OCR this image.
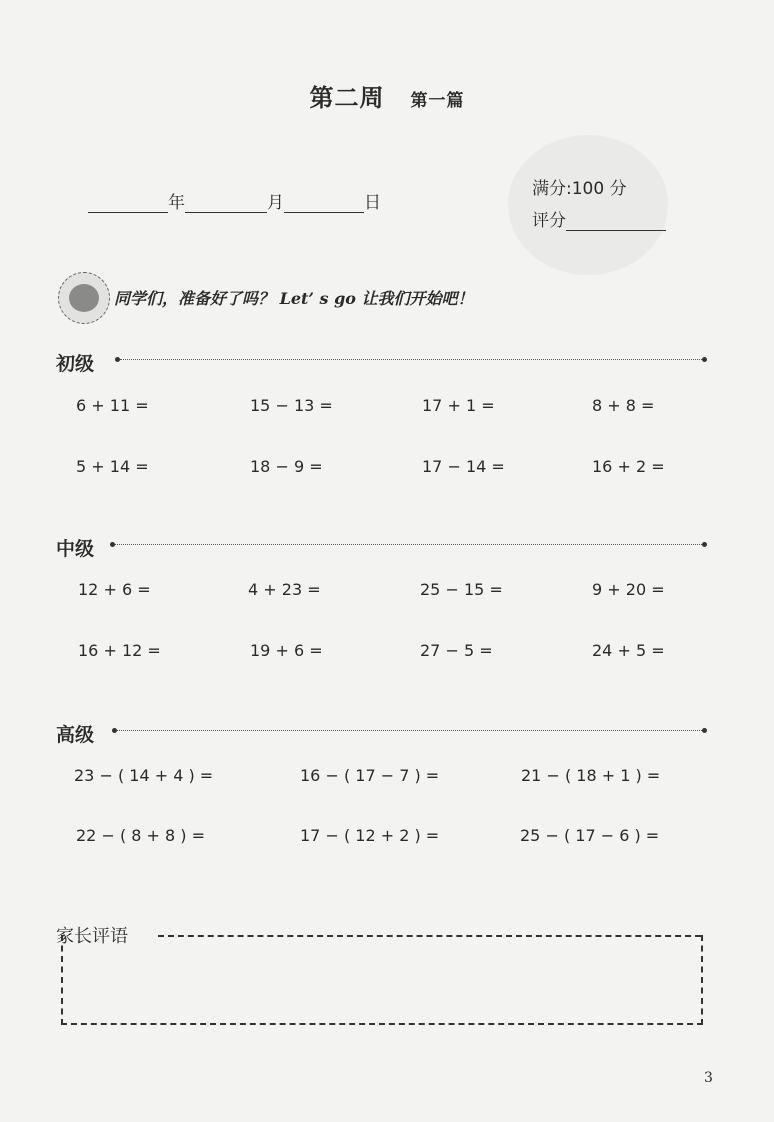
第二周 第一篇
年	月	日
满分:100 分
评分
同学们，准备好了吗？ Let’ s go 让我们开始吧！
初级
6 + 11 =	15 − 13 =	17 + 1 =	8 + 8 =
5 + 14 =	18 − 9 =	17 − 14 =	16 + 2 =
中级
12 + 6 =	4 + 23 =	25 − 15 =	9 + 20 =
16 + 12 =	19 + 6 =	27 − 5 =	24 + 5 =
高级
23 − ( 14 + 4 ) =	16 − ( 17 − 7 ) =	21 − ( 18 + 1 ) =
22 − ( 8 + 8 ) =	17 − ( 12 + 2 ) =	25 − ( 17 − 6 ) =
家长评语
3
